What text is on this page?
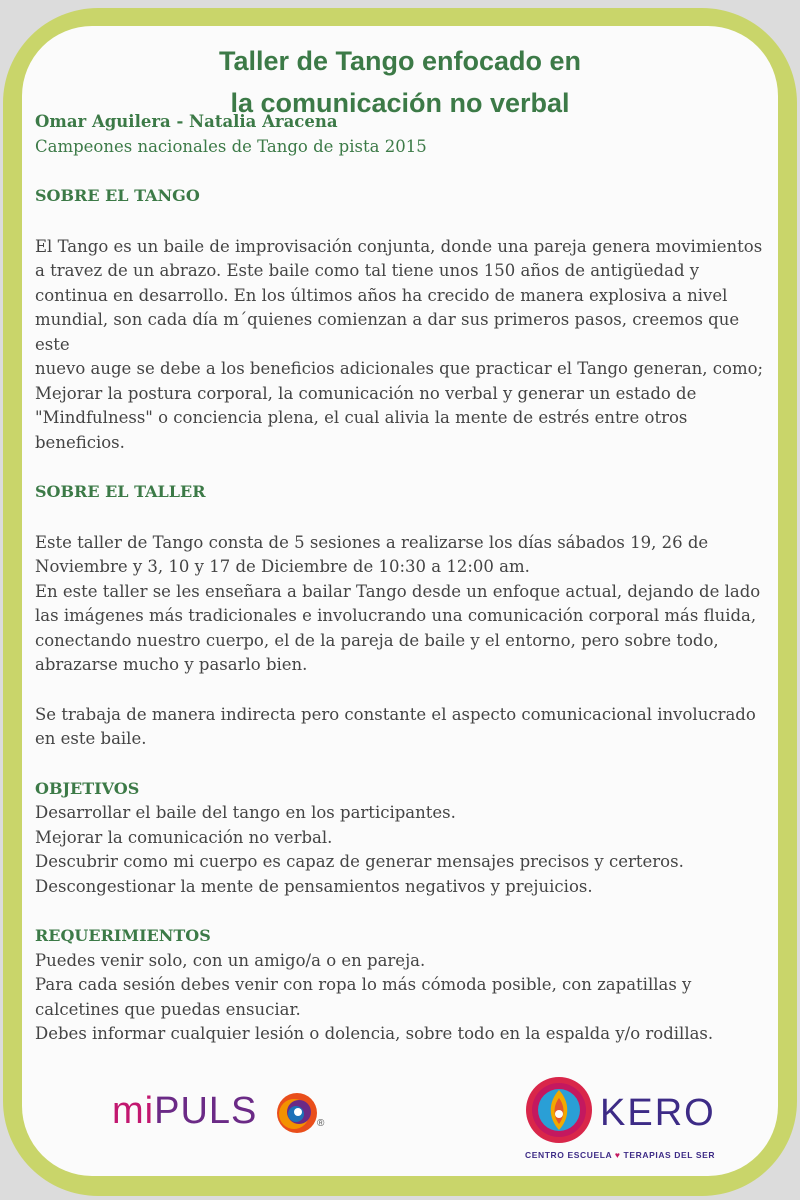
Taller de Tango enfocado en
la comunicación no verbal

Omar Aguilera - Natalia Aracena

Campeones nacionales de Tango de pista 2015

SOBRE EL TANGO

El Tango es un baile de improvisación conjunta, donde una pareja genera movimientos

a travez de un abrazo. Este baile como tal tiene unos 150 años de antigüedad y

continua en desarrollo. En los últimos años ha crecido de manera explosiva a nivel

mundial, son cada día m´quienes comienzan a dar sus primeros pasos, creemos que este

nuevo auge se debe a los beneficios adicionales que practicar el Tango generan, como;

Mejorar la postura corporal, la comunicación no verbal y generar un estado de

"Mindfulness" o conciencia plena, el cual alivia la mente de estrés entre otros

beneficios.

SOBRE EL TALLER

Este taller de Tango consta de 5 sesiones a realizarse los días sábados 19, 26 de

Noviembre y 3, 10 y 17 de Diciembre de 10:30 a 12:00 am.

En este taller se les enseñara a bailar Tango desde un enfoque actual, dejando de lado

las imágenes más tradicionales e involucrando una comunicación corporal más fluida,

conectando nuestro cuerpo, el de la pareja de baile y el entorno, pero sobre todo,

abrazarse mucho y pasarlo bien.

Se trabaja de manera indirecta pero constante el aspecto comunicacional involucrado

en este baile.

OBJETIVOS

Desarrollar el baile del tango en los participantes.

Mejorar la comunicación no verbal.

Descubrir como mi cuerpo es capaz de generar mensajes precisos y certeros.

Descongestionar la mente de pensamientos negativos y prejuicios.

REQUERIMIENTOS

Puedes venir solo, con un amigo/a o en pareja.

Para cada sesión debes venir con ropa lo más cómoda posible, con zapatillas y

calcetines que puedas ensuciar.

Debes informar cualquier lesión o dolencia, sobre todo en la espalda y/o rodillas.

miPULS	®	KERO
CENTRO ESCUELA ♥ TERAPIAS DEL SER
